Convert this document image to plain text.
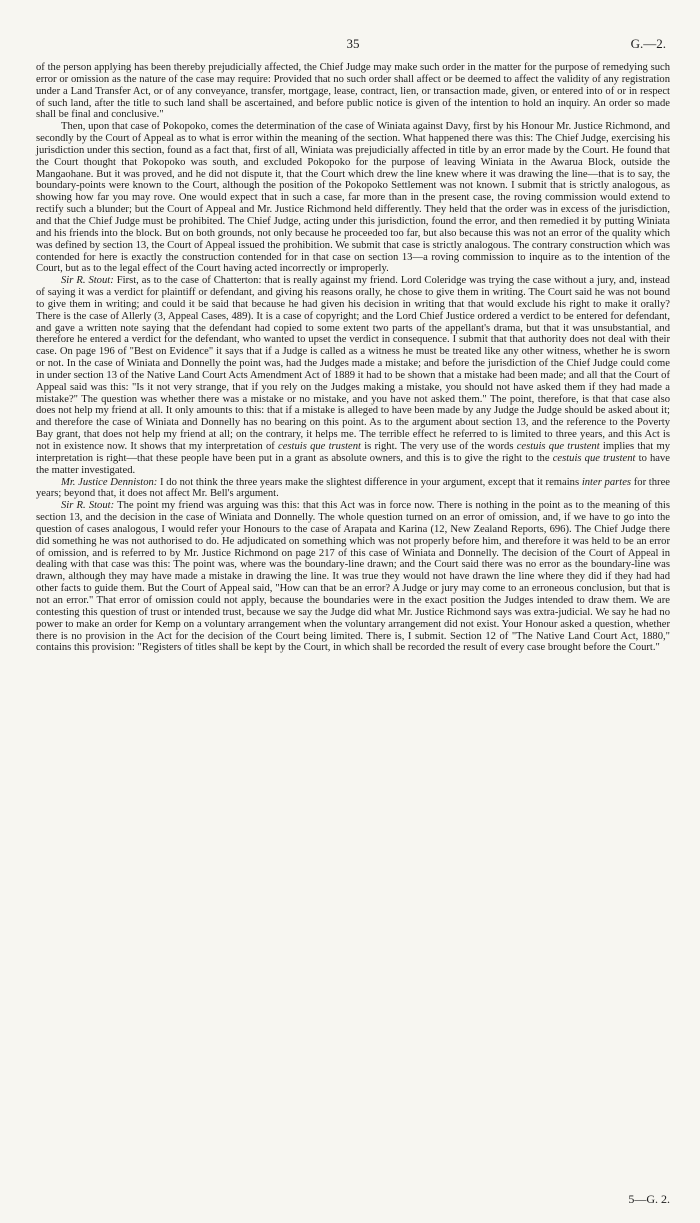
35	G.—2.

of the person applying has been thereby prejudicially affected, the Chief Judge may make such order in the matter for the purpose of remedying such error or omission as the nature of the case may require: Provided that no such order shall affect or be deemed to affect the validity of any registration under a Land Transfer Act, or of any conveyance, transfer, mortgage, lease, contract, lien, or transaction made, given, or entered into of or in respect of such land, after the title to such land shall be ascertained, and before public notice is given of the intention to hold an inquiry. An order so made shall be final and conclusive."

Then, upon that case of Pokopoko, comes the determination of the case of Winiata against Davy, first by his Honour Mr. Justice Richmond, and secondly by the Court of Appeal as to what is error within the meaning of the section. What happened there was this: The Chief Judge, exercising his jurisdiction under this section, found as a fact that, first of all, Winiata was prejudicially affected in title by an error made by the Court. He found that the Court thought that Pokopoko was south, and excluded Pokopoko for the purpose of leaving Winiata in the Awarua Block, outside the Mangaohane. But it was proved, and he did not dispute it, that the Court which drew the line knew where it was drawing the line—that is to say, the boundary-points were known to the Court, although the position of the Pokopoko Settlement was not known. I submit that is strictly analogous, as showing how far you may rove. One would expect that in such a case, far more than in the present case, the roving commission would extend to rectify such a blunder; but the Court of Appeal and Mr. Justice Richmond held differently. They held that the order was in excess of the jurisdiction, and that the Chief Judge must be prohibited. The Chief Judge, acting under this jurisdiction, found the error, and then remedied it by putting Winiata and his friends into the block. But on both grounds, not only because he proceeded too far, but also because this was not an error of the quality which was defined by section 13, the Court of Appeal issued the prohibition. We submit that case is strictly analogous. The contrary construction which was contended for here is exactly the construction contended for in that case on section 13—a roving commission to inquire as to the intention of the Court, but as to the legal effect of the Court having acted incorrectly or improperly.

Sir R. Stout: First, as to the case of Chatterton: that is really against my friend. Lord Coleridge was trying the case without a jury, and, instead of saying it was a verdict for plaintiff or defendant, and giving his reasons orally, he chose to give them in writing. The Court said he was not bound to give them in writing; and could it be said that because he had given his decision in writing that that would exclude his right to make it orally? There is the case of Allerly (3, Appeal Cases, 489). It is a case of copyright; and the Lord Chief Justice ordered a verdict to be entered for defendant, and gave a written note saying that the defendant had copied to some extent two parts of the appellant's drama, but that it was unsubstantial, and therefore he entered a verdict for the defendant, who wanted to upset the verdict in consequence. I submit that that authority does not deal with their case. On page 196 of "Best on Evidence" it says that if a Judge is called as a witness he must be treated like any other witness, whether he is sworn or not. In the case of Winiata and Donnelly the point was, had the Judges made a mistake; and before the jurisdiction of the Chief Judge could come in under section 13 of the Native Land Court Acts Amendment Act of 1889 it had to be shown that a mistake had been made; and all that the Court of Appeal said was this: "Is it not very strange, that if you rely on the Judges making a mistake, you should not have asked them if they had made a mistake?" The question was whether there was a mistake or no mistake, and you have not asked them." The point, therefore, is that that case also does not help my friend at all. It only amounts to this: that if a mistake is alleged to have been made by any Judge the Judge should be asked about it; and therefore the case of Winiata and Donnelly has no bearing on this point. As to the argument about section 13, and the reference to the Poverty Bay grant, that does not help my friend at all; on the contrary, it helps me. The terrible effect he referred to is limited to three years, and this Act is not in existence now. It shows that my interpretation of cestuis que trustent is right. The very use of the words cestuis que trustent implies that my interpretation is right—that these people have been put in a grant as absolute owners, and this is to give the right to the cestuis que trustent to have the matter investigated.

Mr. Justice Denniston: I do not think the three years make the slightest difference in your argument, except that it remains inter partes for three years; beyond that, it does not affect Mr. Bell's argument.

Sir R. Stout: The point my friend was arguing was this: that this Act was in force now. There is nothing in the point as to the meaning of this section 13, and the decision in the case of Winiata and Donnelly. The whole question turned on an error of omission, and, if we have to go into the question of cases analogous, I would refer your Honours to the case of Arapata and Karina (12, New Zealand Reports, 696). The Chief Judge there did something he was not authorised to do. He adjudicated on something which was not properly before him, and therefore it was held to be an error of omission, and is referred to by Mr. Justice Richmond on page 217 of this case of Winiata and Donnelly. The decision of the Court of Appeal in dealing with that case was this: The point was, where was the boundary-line drawn; and the Court said there was no error as the boundary-line was drawn, although they may have made a mistake in drawing the line. It was true they would not have drawn the line where they did if they had had other facts to guide them. But the Court of Appeal said, "How can that be an error? A Judge or jury may come to an erroneous conclusion, but that is not an error." That error of omission could not apply, because the boundaries were in the exact position the Judges intended to draw them. We are contesting this question of trust or intended trust, because we say the Judge did what Mr. Justice Richmond says was extra-judicial. We say he had no power to make an order for Kemp on a voluntary arrangement when the voluntary arrangement did not exist. Your Honour asked a question, whether there is no provision in the Act for the decision of the Court being limited. There is, I submit. Section 12 of "The Native Land Court Act, 1880," contains this provision: "Registers of titles shall be kept by the Court, in which shall be recorded the result of every case brought before the Court."

5—G. 2.
